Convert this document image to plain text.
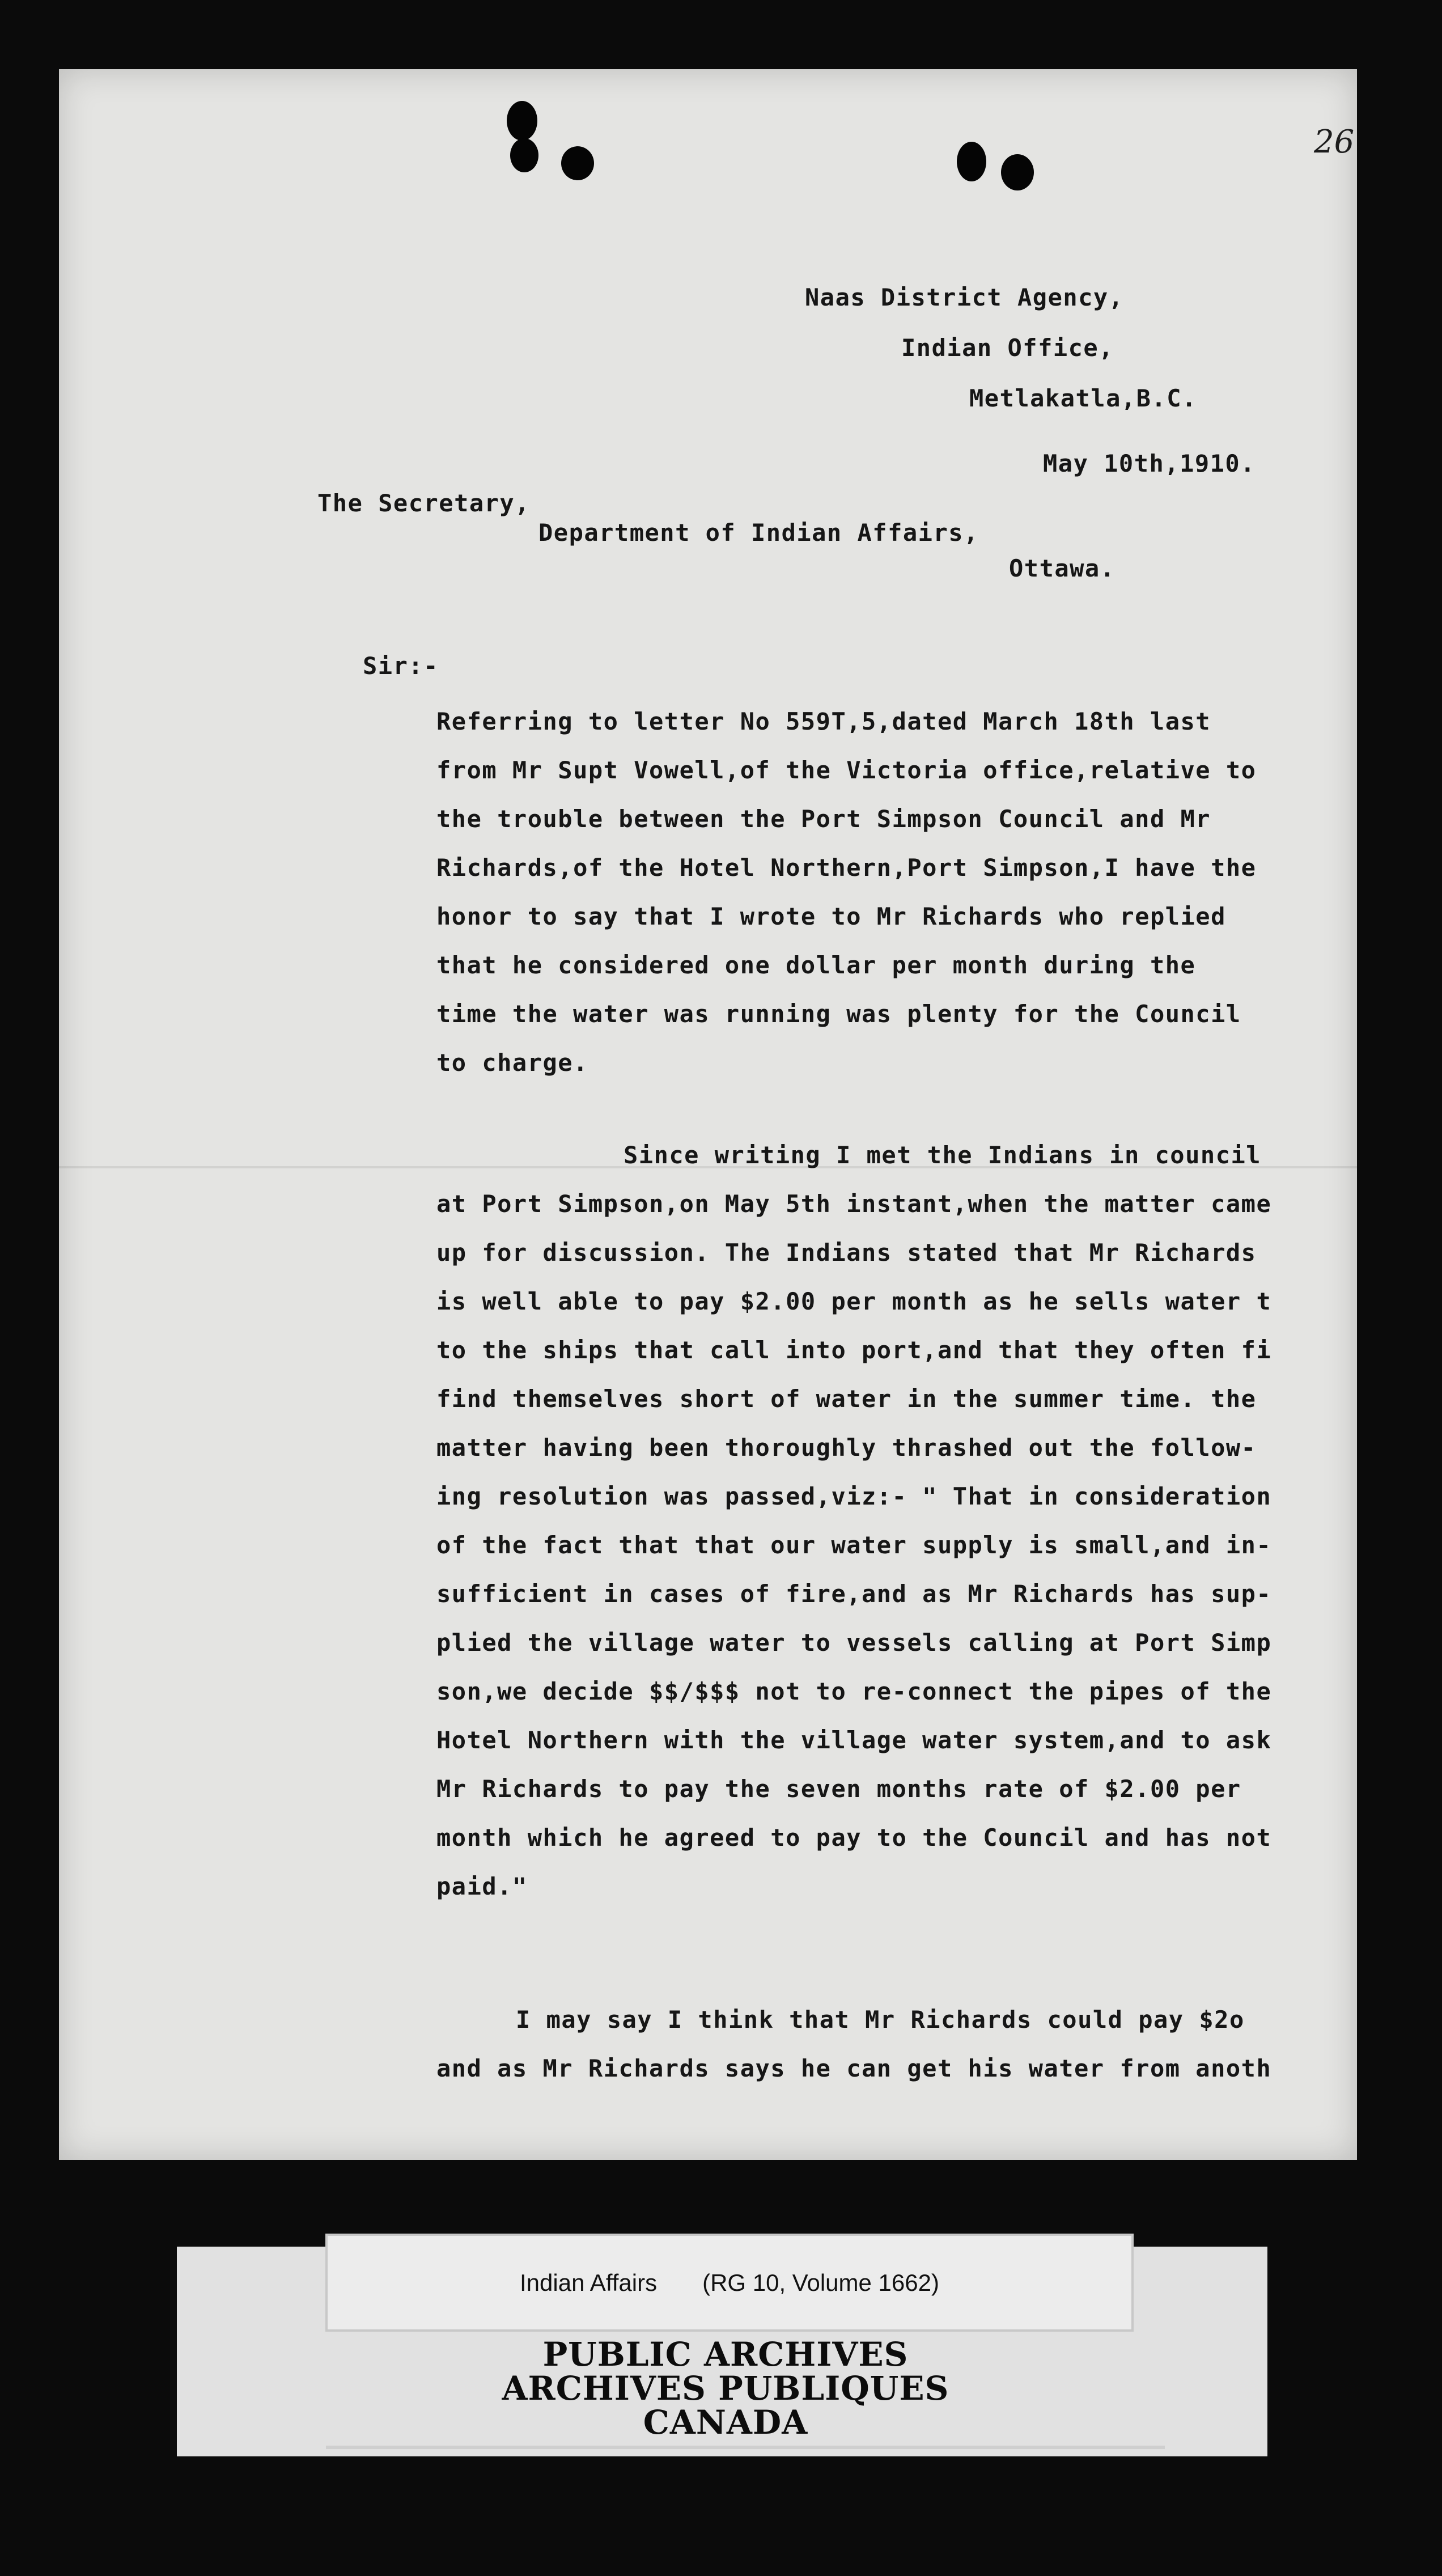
26

Naas District Agency,

Indian Office,

Metlakatla,B.C.

May 10th,1910.

The Secretary,

Department of Indian Affairs,

Ottawa.

Sir:-

Referring to letter No 559T,5,dated March 18th last

from Mr Supt Vowell,of the Victoria office,relative to

the trouble between the Port Simpson Council and Mr

Richards,of the Hotel Northern,Port Simpson,I have the

honor to say that I wrote to Mr Richards who replied

that he considered one dollar per month during the

time the water was running was plenty for the Council

to charge.

Since writing I met the Indians in council

at Port Simpson,on May 5th instant,when the matter came

up for discussion. The Indians stated that Mr Richards

is well able to pay $2.00 per month as he sells water t

to the ships that call into port,and that they often fi

find themselves short of water in the summer time. the

matter having been thoroughly thrashed out the follow-

ing resolution was passed,viz:- " That in consideration

of the fact that that our water supply is small,and in-

sufficient in cases of fire,and as Mr Richards has sup-

plied the village water to vessels calling at Port Simp

son,we decide $$/$$$ not to re-connect the pipes of the

Hotel Northern with the village water system,and to ask

Mr Richards to pay the seven months rate of $2.00 per

month which he agreed to pay to the Council and has not

paid."

I may say I think that Mr Richards could pay $2o

and as Mr Richards says he can get his water from anoth

Indian Affairs (RG 10, Volume 1662)
PUBLIC ARCHIVES
ARCHIVES PUBLIQUES
CANADA
